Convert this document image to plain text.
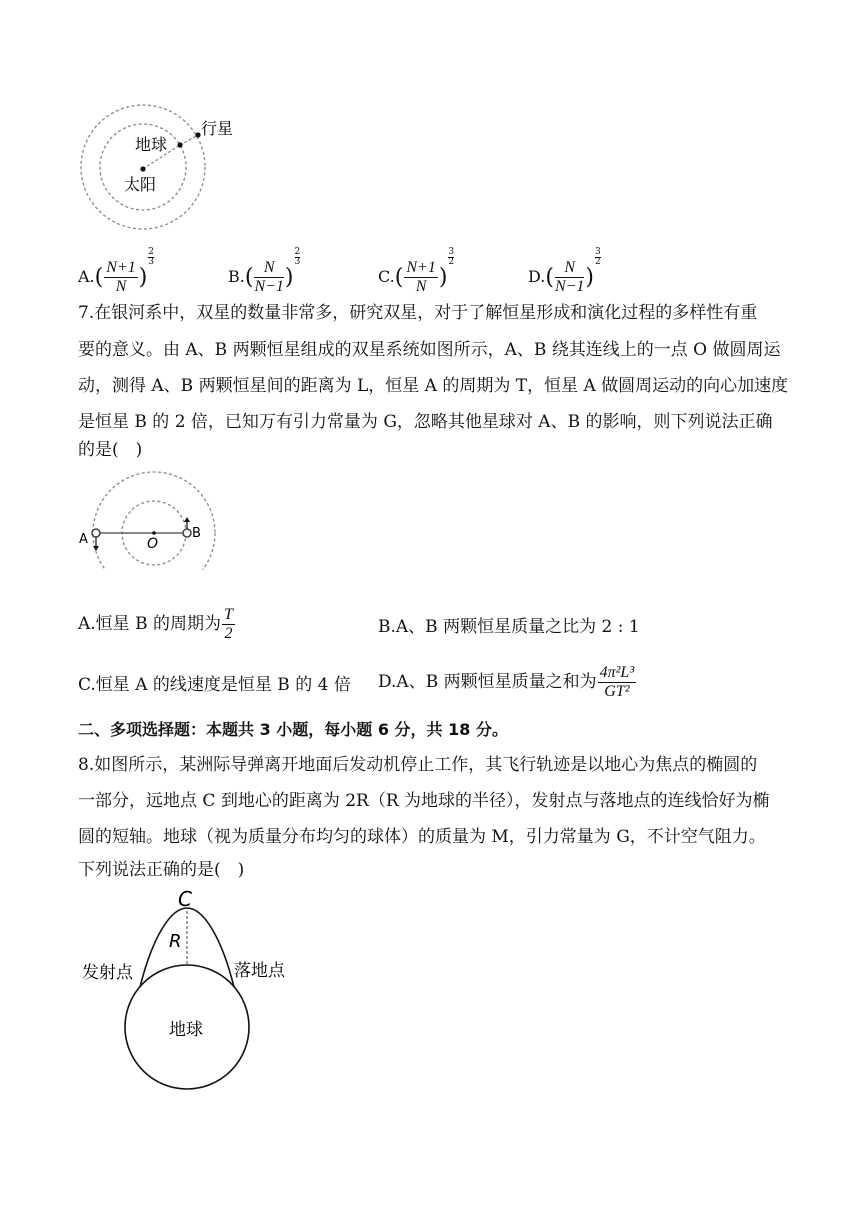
地球
行星
太阳
$A.( \frac{N+1}{N}$ )
$\frac{2}{3}$
$B.( \frac{N}{N-1}$ )
$\frac{2}{3}$
$C.( \frac{N+1}{N}$ )
$\frac{3}{2}$
$D.( \frac{N}{N-1}$ )
$\frac{3}{2}$
7.在银河系中，双星的数量非常多，研究双星，对于了解恒星形成和演化过程的多样性有重
要的意义。由 A、B 两颗恒星组成的双星系统如图所示，A、B 绕其连线上的一点 O 做圆周运
动，测得 A、B 两颗恒星间的距离为 L，恒星 A 的周期为 T，恒星 A 做圆周运动的向心加速度
是恒星 B 的 2 倍，已知万有引力常量为 G，忽略其他星球对 A、B 的影响，则下列说法正确
的是(　)
A	B
O
A.恒星 B 的周期为 $\frac{T}{2}$	B.A、B 两颗恒星质量之比为 2 : 1
C.恒星 A 的线速度是恒星 B 的 4 倍 D.A、B 两颗恒星质量之和为 $\frac{\text{4π²L³}}{\text{GT²}}$
二、多项选择题：本题共 3 小题，每小题 6 分，共 18 分。
8.如图所示，某洲际导弹离开地面后发动机停止工作，其飞行轨迹是以地心为焦点的椭圆的
一部分，远地点 C 到地心的距离为 2R（R 为地球的半径），发射点与落地点的连线恰好为椭
圆的短轴。地球（视为质量分布均匀的球体）的质量为 M，引力常量为 G，不计空气阻力。
下列说法正确的是(　)
C
R
发射点	落地点
地球
